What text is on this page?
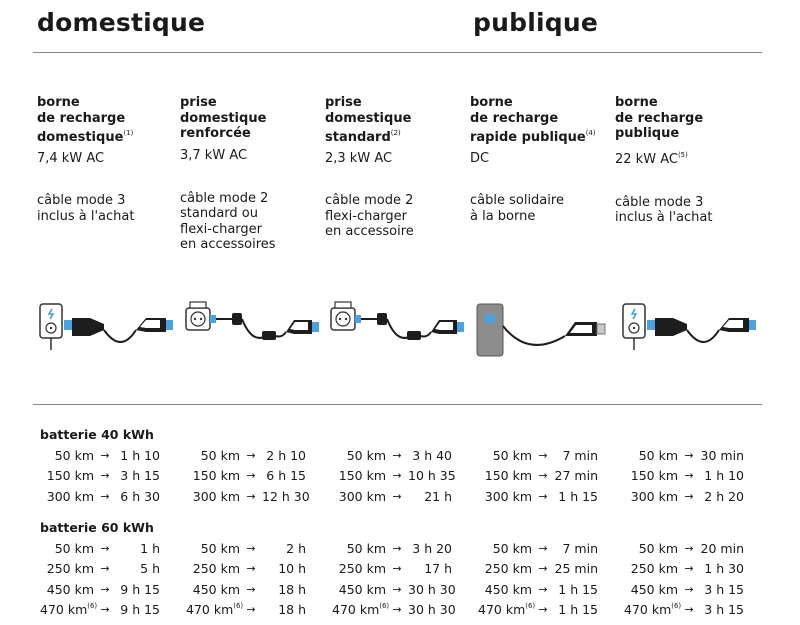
domestique	publique
borne
de recharge
domestique$^{(1)}$
7,4 kW AC
câble mode 3
inclus à l'achat
prise
domestique
renforcée
3,7 kW AC
câble mode 2
standard ou
flexi-charger
en accessoires
prise
domestique
standard$^{(2)}$
2,3 kW AC
câble mode 2
flexi-charger
en accessoire
borne
de recharge
rapide publique$^{(4)}$
DC
câble solidaire
à la borne
borne
de recharge
publique
22 kW AC$^{(5)}$
câble mode 3
inclus à l'achat
batterie 40 kWh
50 km → 1 h 10	50 km → 2 h 10	50 km → 3 h 40	50 km →	7 min	50 km → 30 min
150 km → 3 h 15	150 km → 6 h 15	150 km → 10 h 35	150 km → 27 min	150 km → 1 h 10
300 km → 6 h 30	300 km → 12 h 30	300 km →	21 h	300 km → 1 h 15	300 km → 2 h 20
batterie 60 kWh
50 km →	1 h	50 km →	2 h	50 km → 3 h 20	50 km →	7 min	50 km → 20 min
250 km →	5 h	250 km →	10 h	250 km →	17 h	250 km → 25 min	250 km → 1 h 30
450 km → 9 h 15	450 km →	18 h	450 km → 30 h 30	450 km → 1 h 15	450 km → 3 h 15
470 $km^{(6)} \to 9$ h 15 470 $km^{(6)}$ →	18 h 470 $km^{(6)} \to 30$ h 30 470 $km^{(6)} \to 1$ h 15 470 $km^{(6)} \to 3$ h 15
